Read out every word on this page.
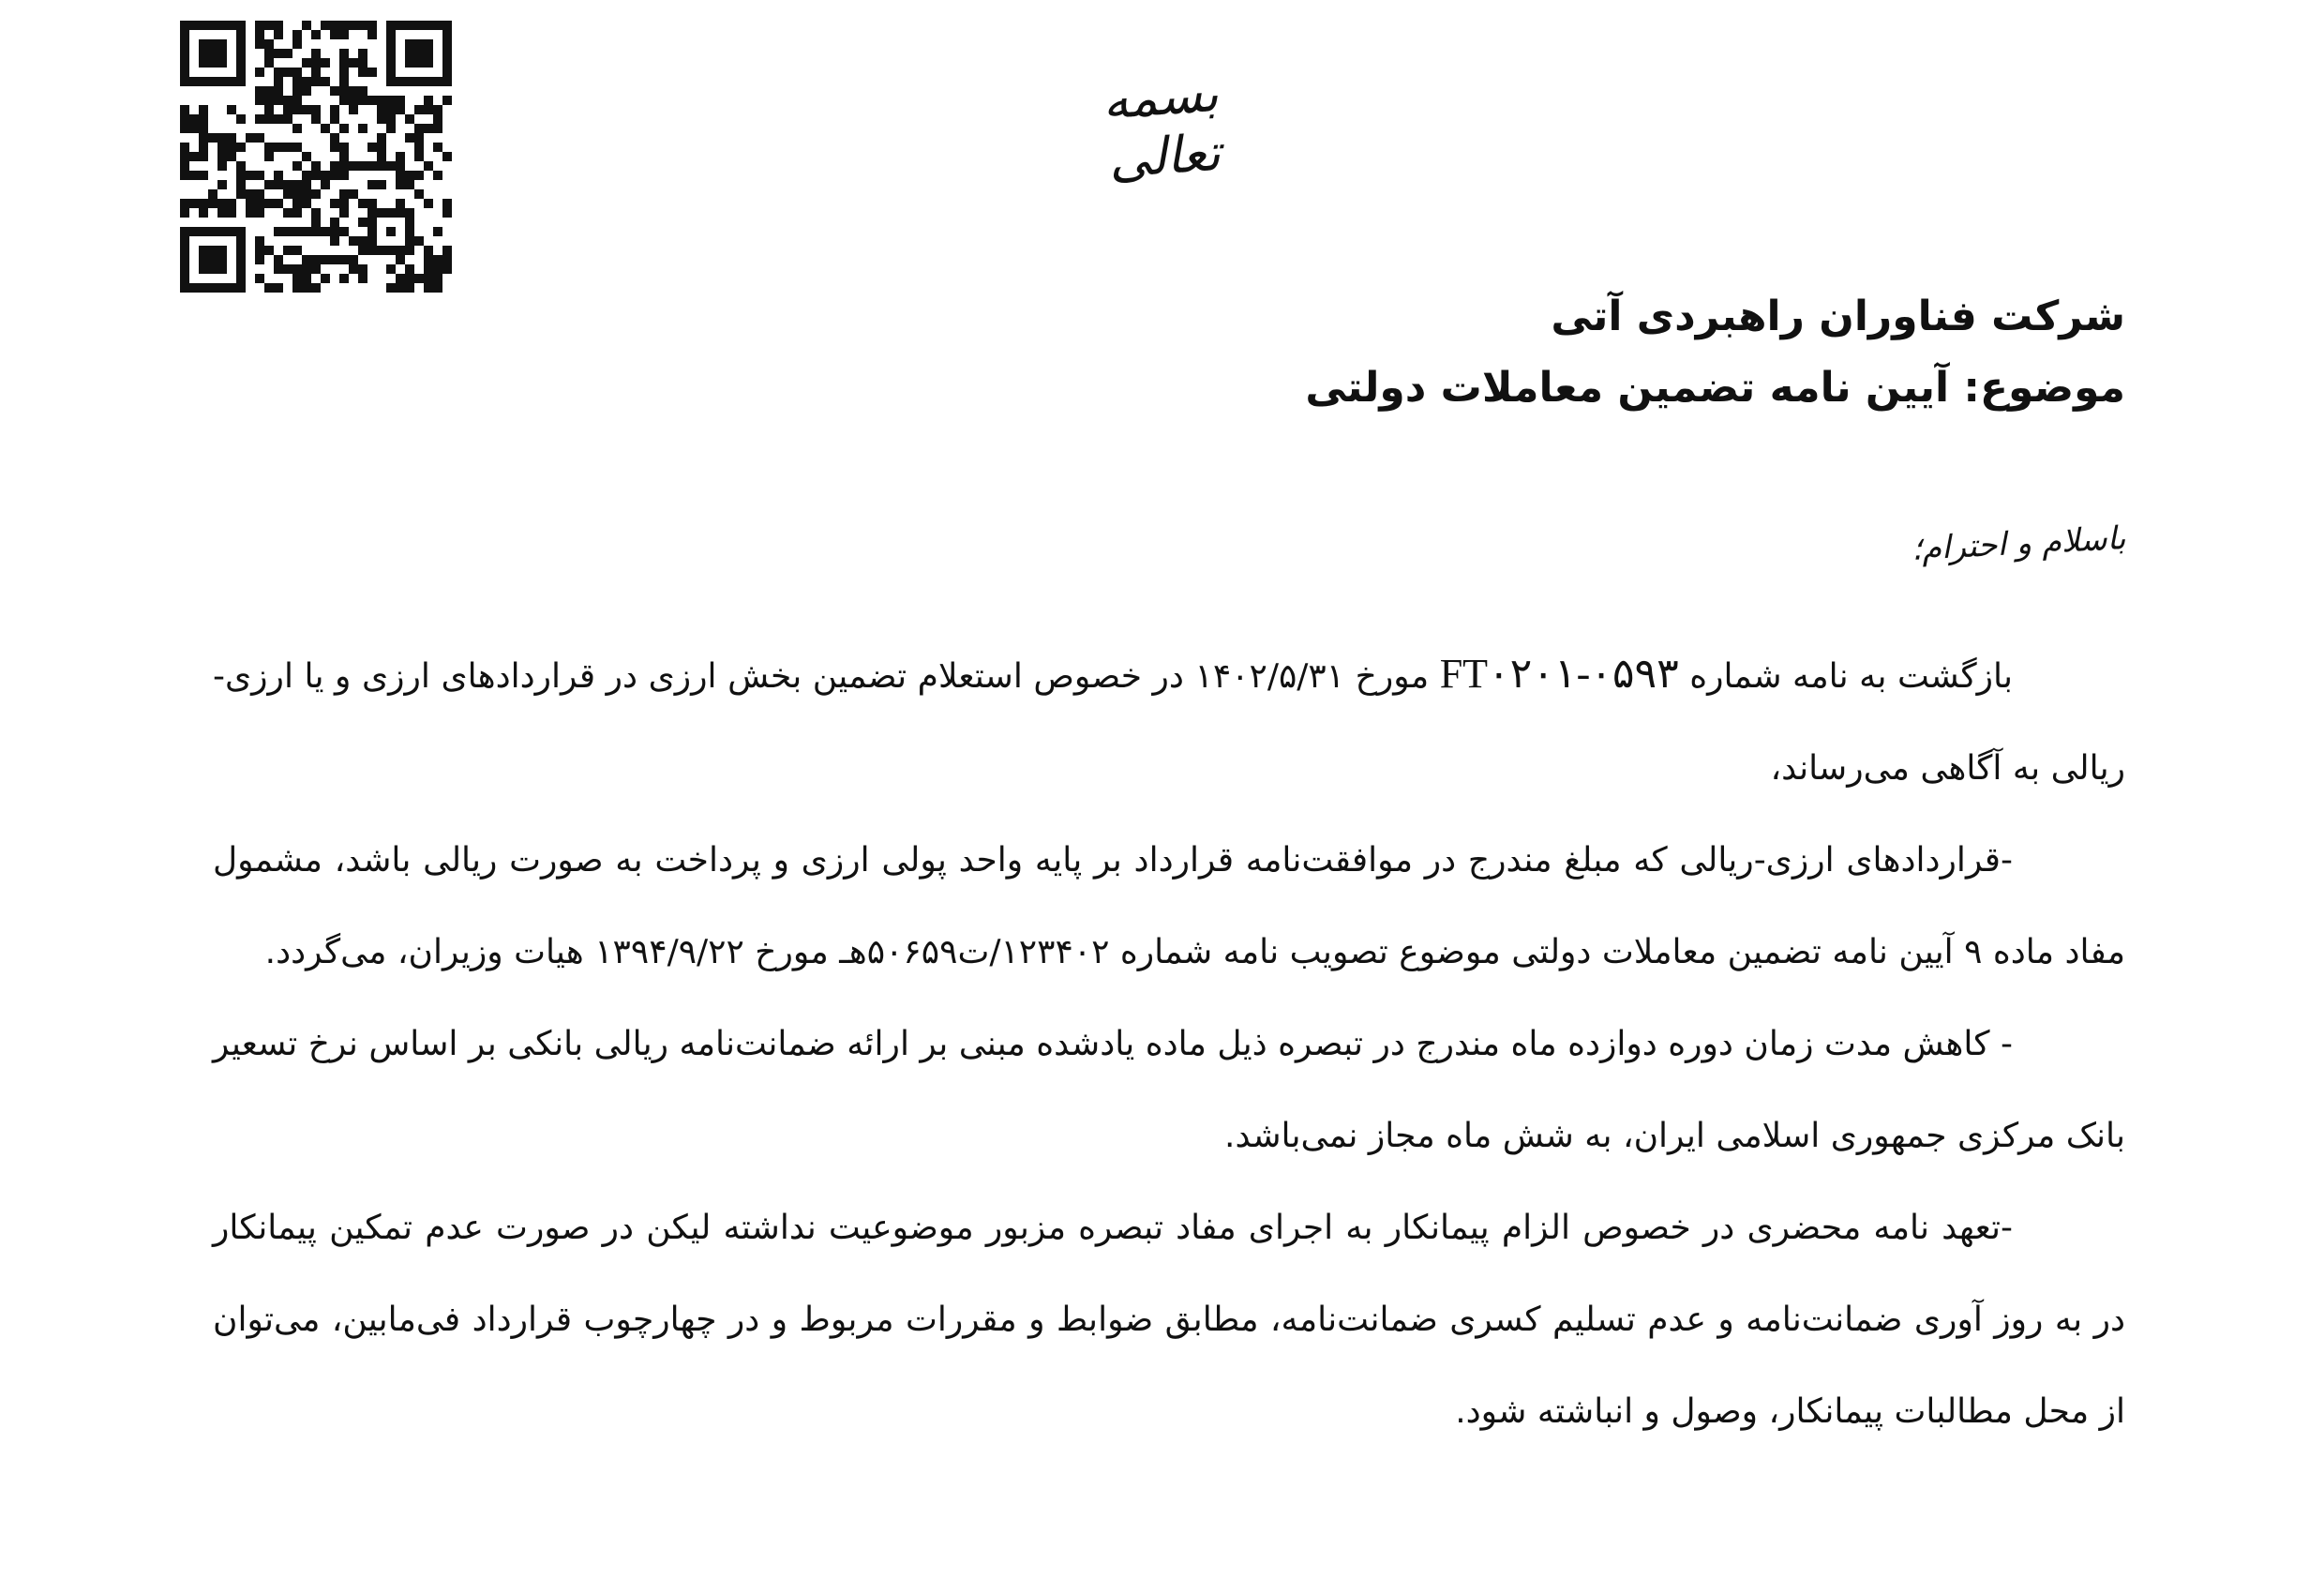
بسمه تعالی
شرکت فناوران راهبردی آتی
موضوع: آیین نامه تضمین معاملات دولتی
باسلام و احترام؛

بازگشت به نامه شماره FT۰۲۰۱-۰۵۹۳ مورخ ۱۴۰۲/۵/۳۱ در خصوص استعلام تضمین بخش ارزی در قراردادهای ارزی و یا ارزی-ریالی به آگاهی می‌رساند،

-قراردادهای ارزی-ریالی که مبلغ مندرج در موافقت‌نامه قرارداد بر پایه واحد پولی ارزی و پرداخت به صورت ریالی باشد، مشمول مفاد ماده ۹ آیین نامه تضمین معاملات دولتی موضوع تصویب نامه شماره ۱۲۳۴۰۲/ت۵۰۶۵۹هـ مورخ ۱۳۹۴/۹/۲۲ هیات وزیران، می‌گردد.

- کاهش مدت زمان دوره دوازده ماه مندرج در تبصره ذیل ماده یادشده مبنی بر ارائه ضمانت‌نامه ریالی بانکی بر اساس نرخ تسعیر بانک مرکزی جمهوری اسلامی ایران، به شش ماه مجاز نمی‌باشد.

-تعهد نامه محضری در خصوص الزام پیمانکار به اجرای مفاد تبصره مزبور موضوعیت نداشته لیکن در صورت عدم تمکین پیمانکار در به روز آوری ضمانت‌نامه و عدم تسلیم کسری ضمانت‌نامه، مطابق ضوابط و مقررات مربوط و در چهارچوب قرارداد فی‌مابین، می‌توان از محل مطالبات پیمانکار، وصول و انباشته شود.
